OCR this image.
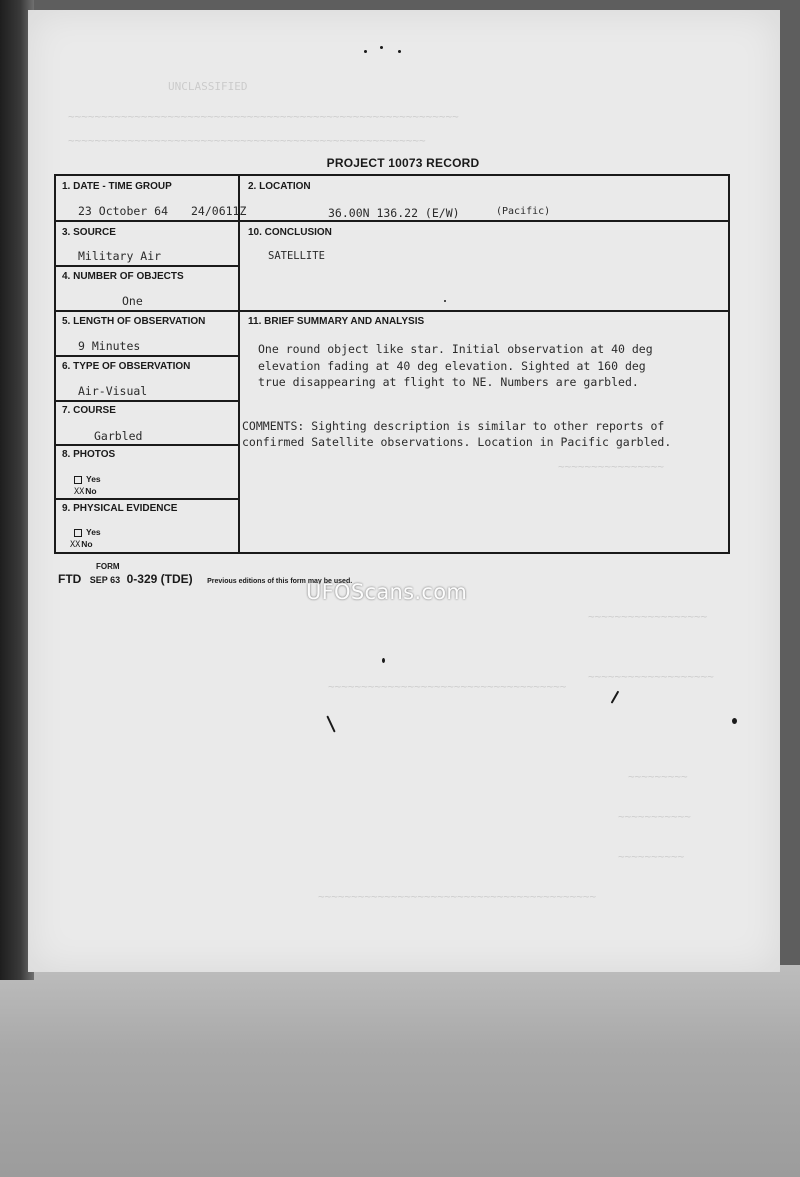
UNCLASSIFIED
~~~~~~~~~~~~~~~~~~~~~~~~~~~~~~~~~~~~~~~~~~~~~~~~~~~~~~~~~~~
~~~~~~~~~~~~~~~~~~~~~~~~~~~~~~~~~~~~~~~~~~~~~~~~~~~~~~
~~~~~~~~~~~~~~~~
~~~~~~~~~~~~~~~~~~
~~~~~~~~~~~~~~~~~~~
~~~~~~~~~~~~~~~~~~~~~~~~~~~~~~~~~~~~
~~~~~~~~~
~~~~~~~~~~~
~~~~~~~~~~
~~~~~~~~~~~~~~~~~~~~~~~~~~~~~~~~~~~~~~~~~~
PROJECT 10073 RECORD
1. DATE - TIME GROUP
23 October 64 24/0611Z
2. LOCATION
36.00N 136.22 (E/W)	(Pacific)
3. SOURCE
Military Air
10. CONCLUSION
SATELLITE
4. NUMBER OF OBJECTS
One
5. LENGTH OF OBSERVATION
9 Minutes
11. BRIEF SUMMARY AND ANALYSIS
One round object like star. Initial observation at 40 deg
elevation fading at 40 deg elevation. Sighted at 160 deg
true disappearing at flight to NE. Numbers are garbled.
COMMENTS: Sighting description is similar to other reports of
confirmed Satellite observations. Location in Pacific garbled.
6. TYPE OF OBSERVATION
Air-Visual
7. COURSE
Garbled
8. PHOTOS
Yes
XXNo
9. PHYSICAL EVIDENCE
Yes
XXNo
FORM
FTD SEP 63 0-329 (TDE) Previous editions of this form may be used.
UFOScans.com
